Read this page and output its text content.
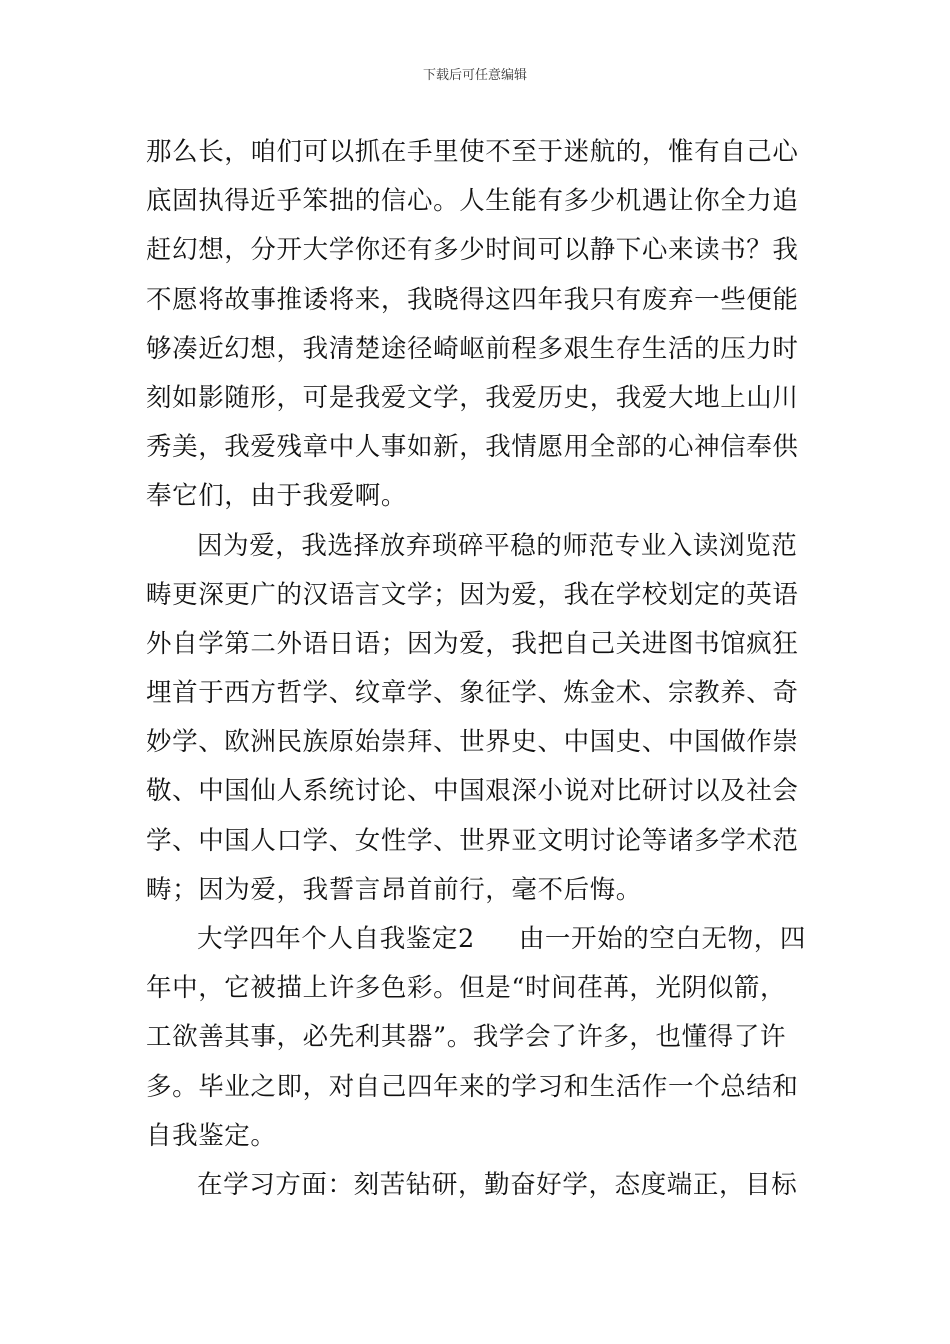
下载后可任意编辑
那么长，咱们可以抓在手里使不至于迷航的，惟有自己心
底固执得近乎笨拙的信心。人生能有多少机遇让你全力追
赶幻想，分开大学你还有多少时间可以静下心来读书？我
不愿将故事推诿将来，我晓得这四年我只有废弃一些便能
够凑近幻想，我清楚途径崎岖前程多艰生存生活的压力时
刻如影随形，可是我爱文学，我爱历史，我爱大地上山川
秀美，我爱残章中人事如新，我情愿用全部的心神信奉供
奉它们，由于我爱啊。
因为爱，我选择放弃琐碎平稳的师范专业入读浏览范
畴更深更广的汉语言文学；因为爱，我在学校划定的英语
外自学第二外语日语；因为爱，我把自己关进图书馆疯狂
埋首于西方哲学、纹章学、象征学、炼金术、宗教养、奇
妙学、欧洲民族原始崇拜、世界史、中国史、中国做作崇
敬、中国仙人系统讨论、中国艰深小说对比研讨以及社会
学、中国人口学、女性学、世界亚文明讨论等诸多学术范
畴；因为爱，我誓言昂首前行，毫不后悔。
大学四年个人自我鉴定2 由一开始的空白无物，四
年中，它被描上许多色彩。但是“时间荏苒，光阴似箭，
工欲善其事，必先利其器”。我学会了许多，也懂得了许
多。毕业之即，对自己四年来的学习和生活作一个总结和
自我鉴定。
在学习方面：刻苦钻研，勤奋好学，态度端正，目标
